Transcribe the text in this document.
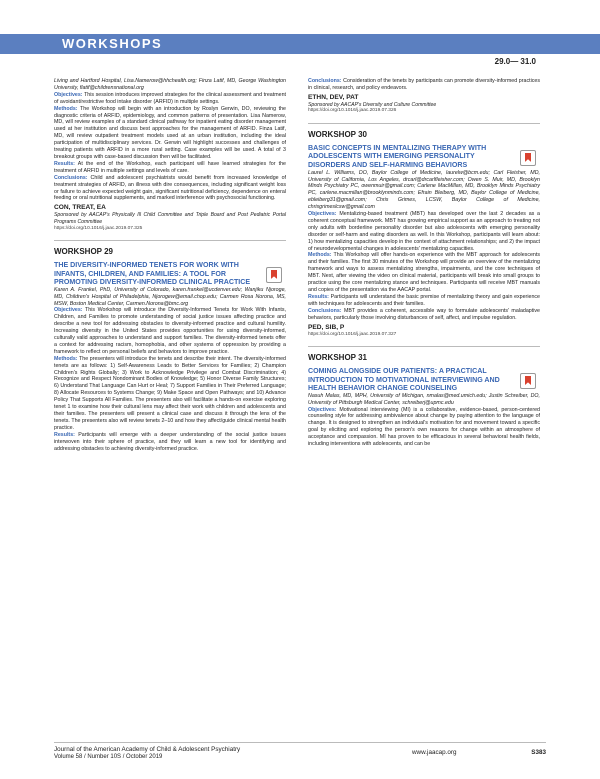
WORKSHOPS
29.0— 31.0

Living and Hartford Hospital, Lisa.Namerow@hhchealth.org; Finza Latif, MD, George Washington University, flatif@childrensnational.org

Objectives: This session introduces improved strategies for the clinical assessment and treatment of avoidant/restrictive food intake disorder (ARFID) in multiple settings.

Methods: The Workshop will begin with an introduction by Roslyn Gerwin, DO, reviewing the diagnostic criteria of ARFID, epidemiology, and common patterns of presentation. Lisa Namerow, MD, will review examples of a standard clinical pathway for inpatient eating disorder management used at her institution and discuss best approaches for the management of ARFID. Finza Latif, MD, will review outpatient treatment models used at an urban institution, including the ideal participation of multidisciplinary services. Dr. Gerwin will highlight successes and challenges of treating patients with ARFID in a more rural setting. Case examples will be used. A total of 3 breakout groups with case-based discussion then will be facilitated.

Results: At the end of the Workshop, each participant will have learned strategies for the treatment of ARFID in multiple settings and levels of care.

Conclusions: Child and adolescent psychiatrists would benefit from increased knowledge of treatment strategies of ARFID, an illness with dire consequences, including significant weight loss or failure to achieve expected weight gain, significant nutritional deficiency, dependence on enteral feeding or oral nutritional supplements, and marked interference with psychosocial functioning.

CON, TREAT, EA

Sponsored by AACAP's Physically Ill Child Committee and Triple Board and Post Pediatric Portal Programs Committee

https://doi.org/10.1016/j.jaac.2019.07.325

WORKSHOP 29
THE DIVERSITY-INFORMED TENETS FOR WORK WITH INFANTS, CHILDREN, AND FAMILIES: A TOOL FOR PROMOTING DIVERSITY-INFORMED CLINICAL PRACTICE

Karen A. Frankel, PhD, University of Colorado, karen.frankel@ucdenver.edu; Wanjiku Njoroge, MD, Children's Hospital of Philadelphia, Njorogew@email.chop.edu; Carmen Rosa Norona, MS, MSW, Boston Medical Center, Carmen.Norona@bmc.org

Objectives: This Workshop will introduce the Diversity-Informed Tenets for Work With Infants, Children, and Families to promote understanding of social justice issues affecting practice and describe a new tool for addressing obstacles to diversity-informed practice and cultural humility. Increasing diversity in the United States provides opportunities for using diversity-informed, culturally valid approaches to understand and support families. The diversity-informed tenets offer a context for addressing racism, homophobia, and other systems of oppression by providing a framework to reflect on personal beliefs and behaviors to improve practice.

Methods: The presenters will introduce the tenets and describe their intent. The diversity-informed tenets are as follows: 1) Self-Awareness Leads to Better Services for Families; 2) Champion Children's Rights Globally; 3) Work to Acknowledge Privilege and Combat Discrimination; 4) Recognize and Respect Nondominant Bodies of Knowledge; 5) Honor Diverse Family Structures; 6) Understand That Language Can Hurt or Heal; 7) Support Families in Their Preferred Language; 8) Allocate Resources to Systems Change; 9) Make Space and Open Pathways; and 10) Advance Policy That Supports All Families. The presenters also will facilitate a hands-on exercise exploring tenet 1 to examine how their cultural lens may affect their work with children and adolescents and their families. The presenters will present a clinical case and discuss it through the lens of the tenets. The presenters also will review tenets 2–10 and how they affect/guide clinical mental health practice.

Results: Participants will emerge with a deeper understanding of the social justice issues interwoven into their sphere of practice, and they will learn a new tool for identifying and addressing obstacles to achieving diversity-informed practice.

Conclusions: Consideration of the tenets by participants can promote diversity-informed practices in clinical, research, and policy endeavors.

ETHN, DEV, PAT

Sponsored by AACAP's Diversity and Culture Committee

https://doi.org/10.1016/j.jaac.2019.07.326

WORKSHOP 30
BASIC CONCEPTS IN MENTALIZING THERAPY WITH ADOLESCENTS WITH EMERGING PERSONALITY DISORDERS AND SELF-HARMING BEHAVIORS

Laurel L. Williams, DO, Baylor College of Medicine, laurelw@bcm.edu; Carl Fleisher, MD, University of California, Los Angeles, drcarl@drcarlfleisher.com; Owen S. Muir, MD, Brooklyn Minds Psychiatry PC, owenmuir@gmail.com; Carlene MacMillan, MD, Brooklyn Minds Psychiatry PC, carlene.macmillan@brooklynminds.com; Efrain Bleiberg, MD, Baylor College of Medicine, ebleiberg31@gmail.com; Chris Grimes, LCSW, Baylor College of Medicine, chrisgrimeslcsw@gmail.com

Objectives: Mentalizing-based treatment (MBT) has developed over the last 2 decades as a coherent conceptual framework. MBT has growing empirical support as an approach to treating not only adults with borderline personality disorder but also adolescents with emerging personality disorder or self-harm and eating disorders as well. In this Workshop, participants will learn about: 1) how mentalizing capacities develop in the context of attachment relationships; and 2) the impact of neurodevelopmental changes in adolescents' mentalizing capacities.

Methods: This Workshop will offer hands-on experience with the MBT approach for adolescents and their families. The first 30 minutes of the Workshop will provide an overview of the mentalizing framework and ways to assess mentalizing strengths, impairments, and the core techniques of MBT. Next, after viewing the video on clinical material, participants will break into small groups to practice using the core mentalizing stance and techniques. Participants will receive MBT manuals and copies of the presentation via the AACAP portal.

Results: Participants will understand the basic premise of mentalizing theory and gain experience with techniques for adolescents and their families.

Conclusions: MBT provides a coherent, accessible way to formulate adolescents' maladaptive behaviors, particularly those involving disturbances of self, affect, and impulse regulation.

PED, SIB, P

https://doi.org/10.1016/j.jaac.2019.07.327

WORKSHOP 31
COMING ALONGSIDE OUR PATIENTS: A PRACTICAL INTRODUCTION TO MOTIVATIONAL INTERVIEWING AND HEALTH BEHAVIOR CHANGE COUNSELING

Nasuh Malas, MD, MPH, University of Michigan, nmalas@med.umich.edu; Justin Schreiber, DO, University of Pittsburgh Medical Center, schreiberj@upmc.edu

Objectives: Motivational interviewing (MI) is a collaborative, evidence-based, person-centered counseling style for addressing ambivalence about change by paying attention to the language of change. It is designed to strengthen an individual's motivation for and movement toward a specific goal by eliciting and exploring the person's own reasons for change within an atmosphere of acceptance and compassion. MI has proven to be efficacious in several behavioral health fields, including interventions with adolescents, and can be

Journal of the American Academy of Child & Adolescent Psychiatry
Volume 58 / Number 10S / October 2019
www.jaacap.org	S383
